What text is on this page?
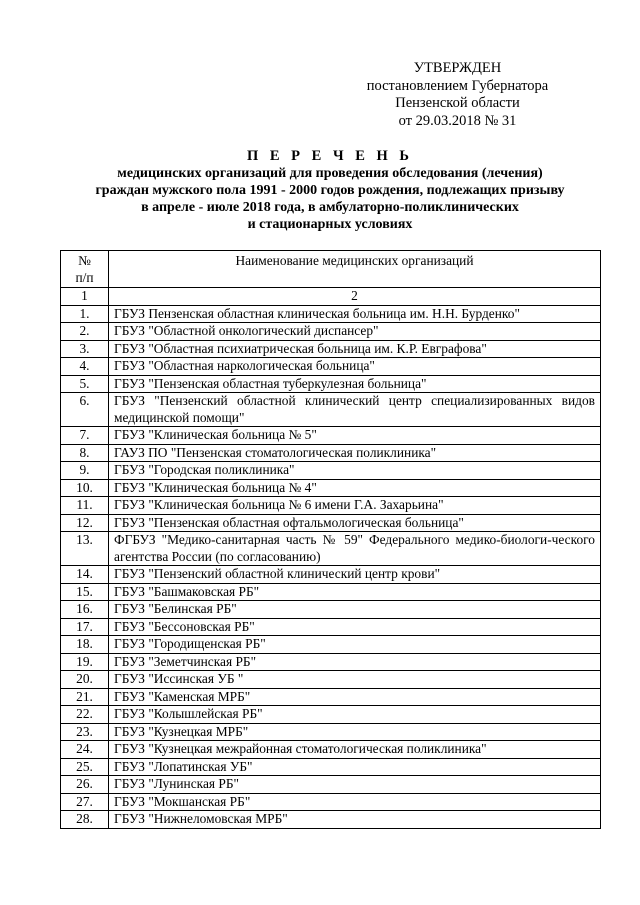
УТВЕРЖДЕН
постановлением Губернатора
Пензенской области
от 29.03.2018 № 31
П Е Р Е Ч Е Н Ь
медицинских организаций для проведения обследования (лечения)
граждан мужского пола 1991 - 2000 годов рождения, подлежащих призыву
в апреле - июле 2018 года, в амбулаторно-поликлинических
и стационарных условиях
№
п/п	Наименование медицинских организаций
1	2
1.	ГБУЗ Пензенская областная клиническая больница им. Н.Н. Бурденко"
2.	ГБУЗ "Областной онкологический диспансер"
3.	ГБУЗ "Областная психиатрическая больница им. К.Р. Евграфова"
4.	ГБУЗ "Областная наркологическая больница"
5.	ГБУЗ "Пензенская областная туберкулезная больница"
6.	ГБУЗ "Пензенский областной клинический центр специализированных видов медицинской помощи"
7.	ГБУЗ "Клиническая больница № 5"
8.	ГАУЗ ПО "Пензенская стоматологическая поликлиника"
9.	ГБУЗ "Городская поликлиника"
10.	ГБУЗ "Клиническая больница № 4"
11.	ГБУЗ "Клиническая больница № 6 имени Г.А. Захарьина"
12.	ГБУЗ "Пензенская областная офтальмологическая больница"
13.	ФГБУЗ "Медико-санитарная часть № 59" Федерального медико-биологи-ческого агентства России (по согласованию)
14.	ГБУЗ "Пензенский областной клинический центр крови"
15.	ГБУЗ "Башмаковская РБ"
16.	ГБУЗ "Белинская РБ"
17.	ГБУЗ "Бессоновская РБ"
18.	ГБУЗ "Городищенская РБ"
19.	ГБУЗ "Земетчинская РБ"
20.	ГБУЗ "Иссинская УБ "
21.	ГБУЗ "Каменская МРБ"
22.	ГБУЗ "Колышлейская РБ"
23.	ГБУЗ "Кузнецкая МРБ"
24.	ГБУЗ "Кузнецкая межрайонная стоматологическая поликлиника"
25.	ГБУЗ "Лопатинская УБ"
26.	ГБУЗ "Лунинская РБ"
27.	ГБУЗ "Мокшанская РБ"
28.	ГБУЗ "Нижнеломовская МРБ"
